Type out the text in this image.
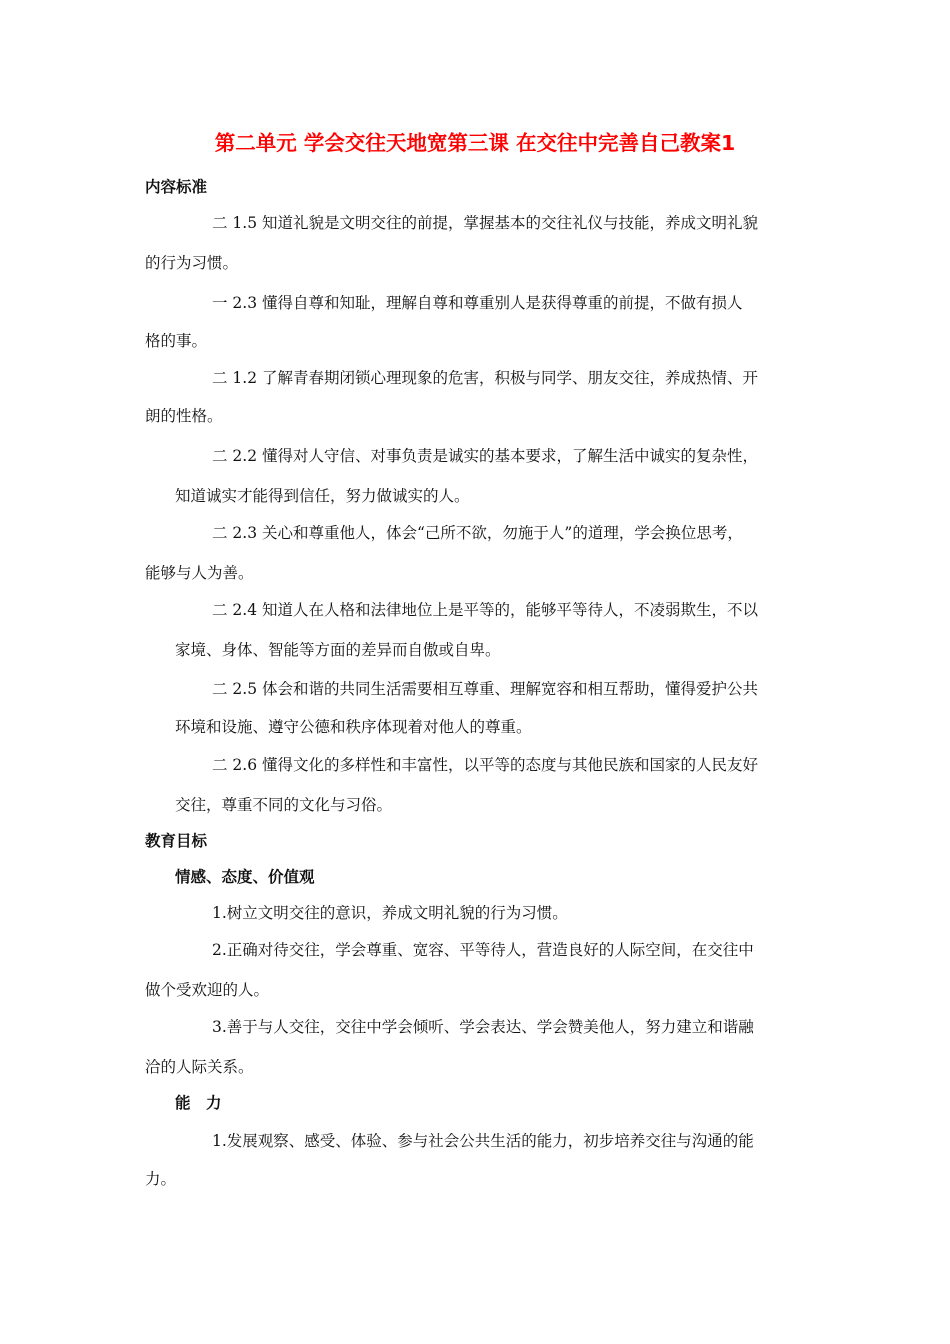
第二单元 学会交往天地宽第三课 在交往中完善自己教案1
内容标准
二 1.5 知道礼貌是文明交往的前提，掌握基本的交往礼仪与技能，养成文明礼貌
的行为习惯。
一 2.3 懂得自尊和知耻，理解自尊和尊重别人是获得尊重的前提，不做有损人
格的事。
二 1.2 了解青春期闭锁心理现象的危害，积极与同学、朋友交往，养成热情、开
朗的性格。
二 2.2 懂得对人守信、对事负责是诚实的基本要求，了解生活中诚实的复杂性，
知道诚实才能得到信任，努力做诚实的人。
二 2.3 关心和尊重他人，体会“己所不欲，勿施于人”的道理，学会换位思考，
能够与人为善。
二 2.4 知道人在人格和法律地位上是平等的，能够平等待人，不凌弱欺生，不以
家境、身体、智能等方面的差异而自傲或自卑。
二 2.5 体会和谐的共同生活需要相互尊重、理解宽容和相互帮助，懂得爱护公共
环境和设施、遵守公德和秩序体现着对他人的尊重。
二 2.6 懂得文化的多样性和丰富性，以平等的态度与其他民族和国家的人民友好
交往，尊重不同的文化与习俗。
教育目标
情感、态度、价值观
1.树立文明交往的意识，养成文明礼貌的行为习惯。
2.正确对待交往，学会尊重、宽容、平等待人，营造良好的人际空间，在交往中
做个受欢迎的人。
3.善于与人交往，交往中学会倾听、学会表达、学会赞美他人，努力建立和谐融
洽的人际关系。
能　力
1.发展观察、感受、体验、参与社会公共生活的能力，初步培养交往与沟通的能
力。
